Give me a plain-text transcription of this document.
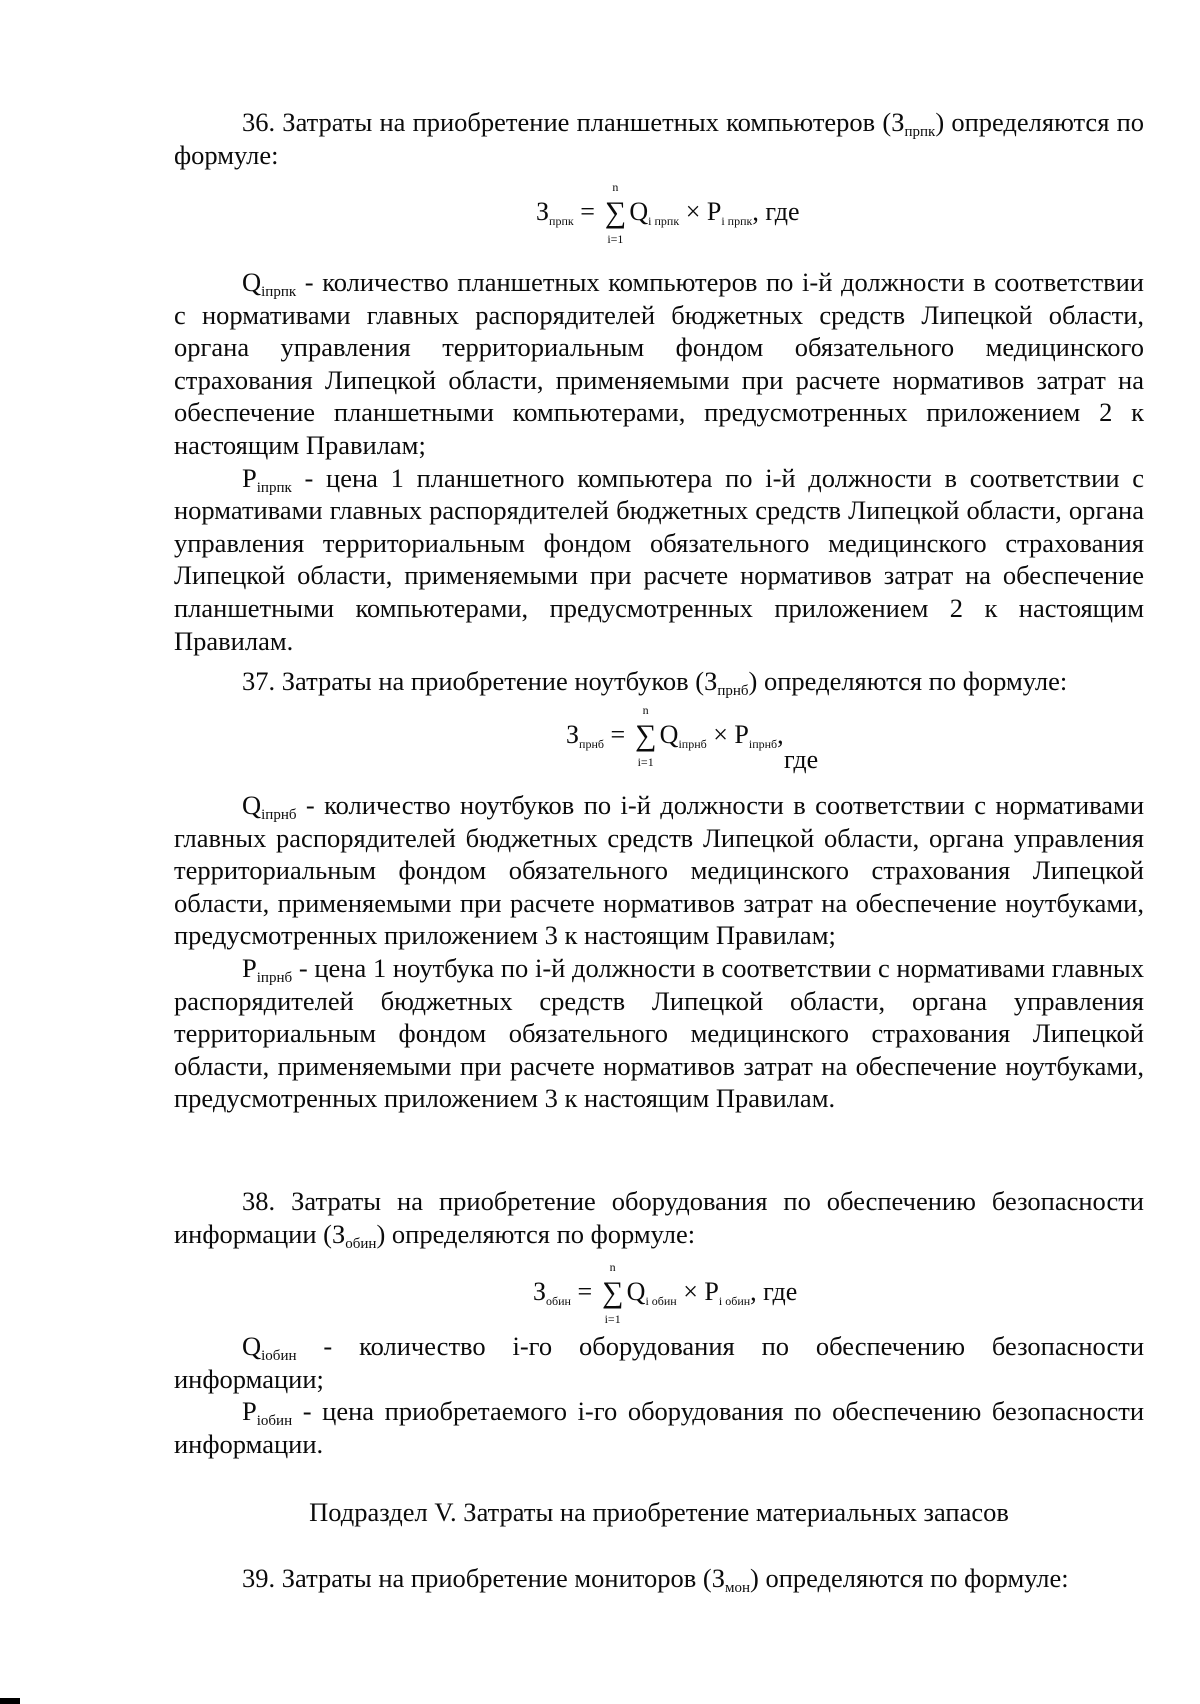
36. Затраты на приобретение планшетных компьютеров $(З_{прпк})$ определяются по формуле:

$З_{прпк}$ = ∑
n
i=1
$Q_{i прпк} \times P_{i прпк}$, где

$Q_{iпрпк}$ - количество планшетных компьютеров по i-й должности в соответствии с нормативами главных распорядителей бюджетных средств Липецкой области, органа управления территориальным фондом обязательного медицинского страхования Липецкой области, применяемыми при расчете нормативов затрат на обеспечение планшетными компьютерами, предусмотренных приложением 2 к настоящим Правилам;

$P_{iпрпк}$ - цена 1 планшетного компьютера по i-й должности в соответствии с нормативами главных распорядителей бюджетных средств Липецкой области, органа управления территориальным фондом обязательного медицинского страхования Липецкой области, применяемыми при расчете нормативов затрат на обеспечение планшетными компьютерами, предусмотренных приложением 2 к настоящим Правилам.

37. Затраты на приобретение ноутбуков $(З_{прнб})$ определяются по формуле:

$З_{прнб}$ = ∑
n
i=1
$Q_{iпрнб} \times P_{iпрнб}$,
где

$Q_{iпрнб}$ - количество ноутбуков по i-й должности в соответствии с нормативами главных распорядителей бюджетных средств Липецкой области, органа управления территориальным фондом обязательного медицинского страхования Липецкой области, применяемыми при расчете нормативов затрат на обеспечение ноутбуками, предусмотренных приложением 3 к настоящим Правилам;

$P_{iпрнб}$ - цена 1 ноутбука по i-й должности в соответствии с нормативами главных распорядителей бюджетных средств Липецкой области, органа управления территориальным фондом обязательного медицинского страхования Липецкой области, применяемыми при расчете нормативов затрат на обеспечение ноутбуками, предусмотренных приложением 3 к настоящим Правилам.

38. Затраты на приобретение оборудования по обеспечению безопасности информации $(З_{обин})$ определяются по формуле:

$З_{обин}$ = ∑
n
i=1
$Q_{i обин} \times P_{i обин}$, где

$Q_{iобин}$ - количество i-го оборудования по обеспечению безопасности информации;

$P_{iобин}$ - цена приобретаемого i-го оборудования по обеспечению безопасности информации.

Подраздел V. Затраты на приобретение материальных запасов

39. Затраты на приобретение мониторов $(З_{мон})$ определяются по формуле:
